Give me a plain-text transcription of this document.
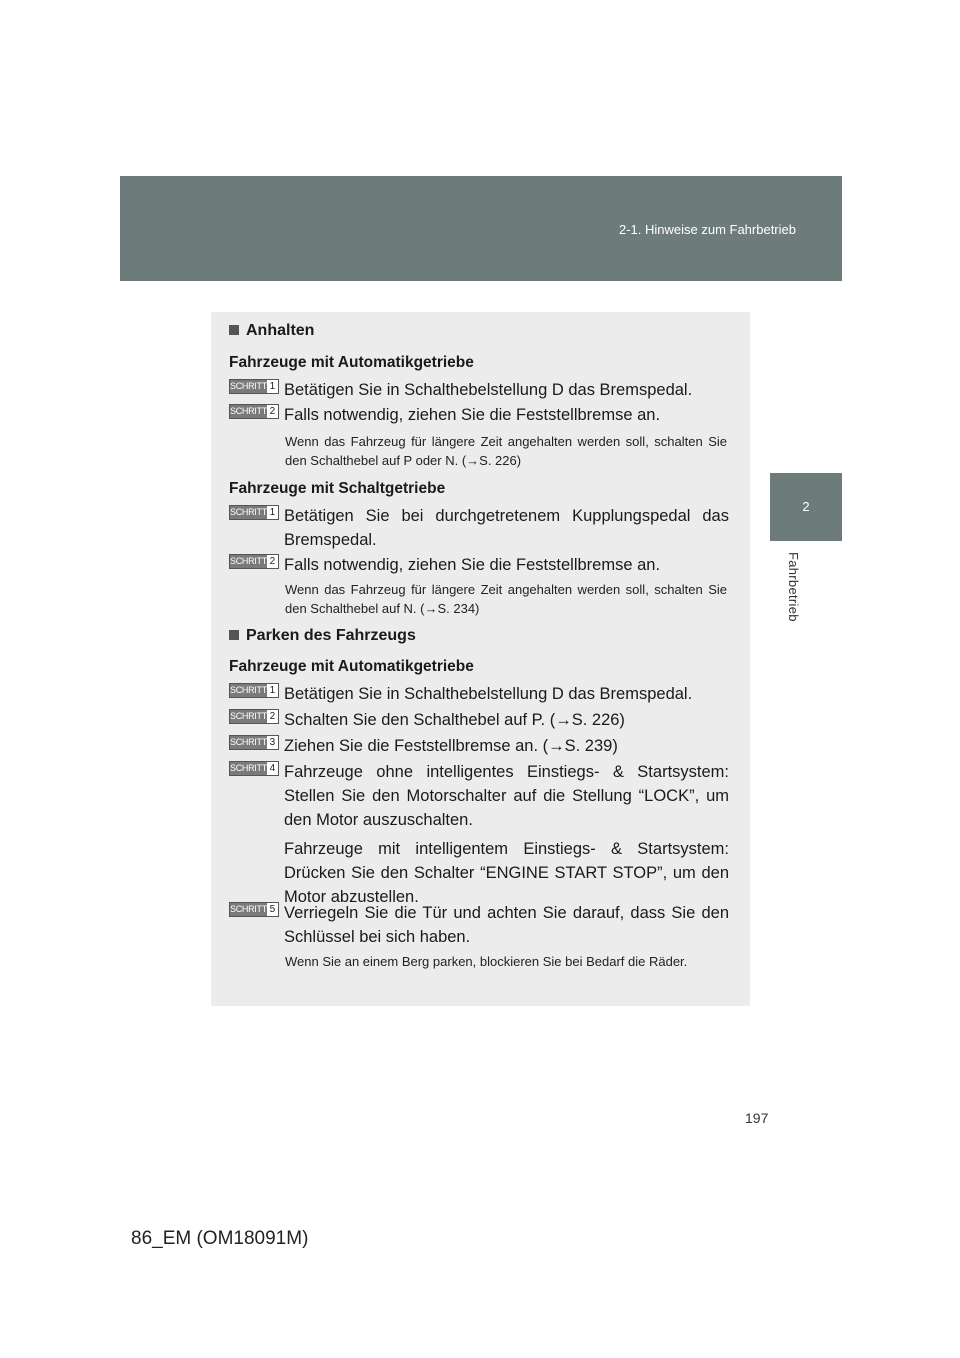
2-1. Hinweise zum Fahrbetrieb
2
Fahrbetrieb
Anhalten
Fahrzeuge mit Automatikgetriebe
SCHRITT 1 Betätigen Sie in Schalthebelstellung D das Bremspedal.
SCHRITT 2 Falls notwendig, ziehen Sie die Feststellbremse an.
Wenn das Fahrzeug für längere Zeit angehalten werden soll, schalten Sie den Schalthebel auf P oder N. (→S. 226)
Fahrzeuge mit Schaltgetriebe
SCHRITT 1 Betätigen Sie bei durchgetretenem Kupplungspedal das Bremspedal.
SCHRITT 2 Falls notwendig, ziehen Sie die Feststellbremse an.
Wenn das Fahrzeug für längere Zeit angehalten werden soll, schalten Sie den Schalthebel auf N. (→S. 234)
Parken des Fahrzeugs
Fahrzeuge mit Automatikgetriebe
SCHRITT 1 Betätigen Sie in Schalthebelstellung D das Bremspedal.
SCHRITT 2 Schalten Sie den Schalthebel auf P. (→S. 226)
SCHRITT 3 Ziehen Sie die Feststellbremse an. (→S. 239)
SCHRITT 4 Fahrzeuge ohne intelligentes Einstiegs- & Startsystem: Stellen Sie den Motorschalter auf die Stellung “LOCK”, um den Motor auszuschalten.
Fahrzeuge mit intelligentem Einstiegs- & Startsystem: Drücken Sie den Schalter “ENGINE START STOP”, um den Motor abzustellen.
SCHRITT 5 Verriegeln Sie die Tür und achten Sie darauf, dass Sie den Schlüssel bei sich haben.
Wenn Sie an einem Berg parken, blockieren Sie bei Bedarf die Räder.
197
86_EM (OM18091M)
